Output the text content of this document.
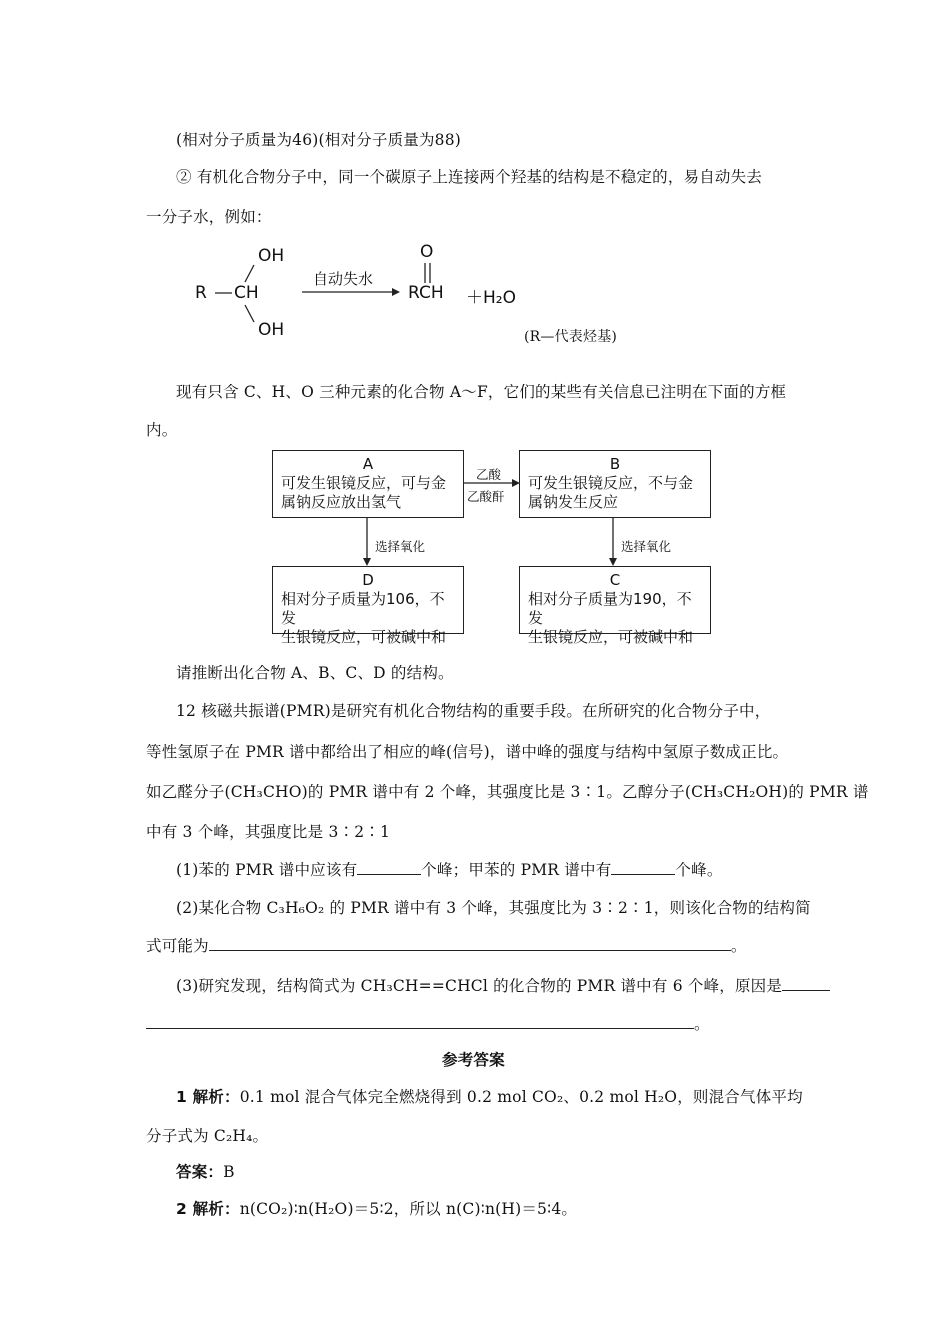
(相对分子质量为46)(相对分子质量为88)
② 有机化合物分子中，同一个碳原子上连接两个羟基的结构是不稳定的，易自动失去
一分子水，例如：
R CH
OH
OH
自动失水
O
RCH ＋H₂O
(R—代表烃基)
现有只含 C、H、O 三种元素的化合物 A～F，它们的某些有关信息已注明在下面的方框
内。
A
可发生银镜反应，可与金
属钠反应放出氢气
B
可发生银镜反应，不与金
属钠发生反应
D
相对分子质量为106，不发
生银镜反应，可被碱中和
C
相对分子质量为190，不发
生银镜反应，可被碱中和
乙酸
乙酸酐
选择氧化	选择氧化
请推断出化合物 A、B、C、D 的结构。
12 核磁共振谱(PMR)是研究有机化合物结构的重要手段。在所研究的化合物分子中，
等性氢原子在 PMR 谱中都给出了相应的峰(信号)，谱中峰的强度与结构中氢原子数成正比。
如乙醛分子(CH₃CHO)的 PMR 谱中有 2 个峰，其强度比是 3∶1。乙醇分子(CH₃CH₂OH)的 PMR 谱
中有 3 个峰，其强度比是 3∶2∶1
(1)苯的 PMR 谱中应该有	个峰；甲苯的 PMR 谱中有	个峰。
(2)某化合物 C₃H₆O₂ 的 PMR 谱中有 3 个峰，其强度比为 3∶2∶1，则该化合物的结构简
式可能为	。
(3)研究发现，结构简式为 CH₃CH==CHCl 的化合物的 PMR 谱中有 6 个峰，原因是
。
参考答案
1 解析：0.1 mol 混合气体完全燃烧得到 0.2 mol CO₂、0.2 mol H₂O，则混合气体平均
分子式为 C₂H₄。
答案：B
2 解析：n(CO₂)∶n(H₂O)＝5∶2，所以 n(C)∶n(H)＝5∶4。
